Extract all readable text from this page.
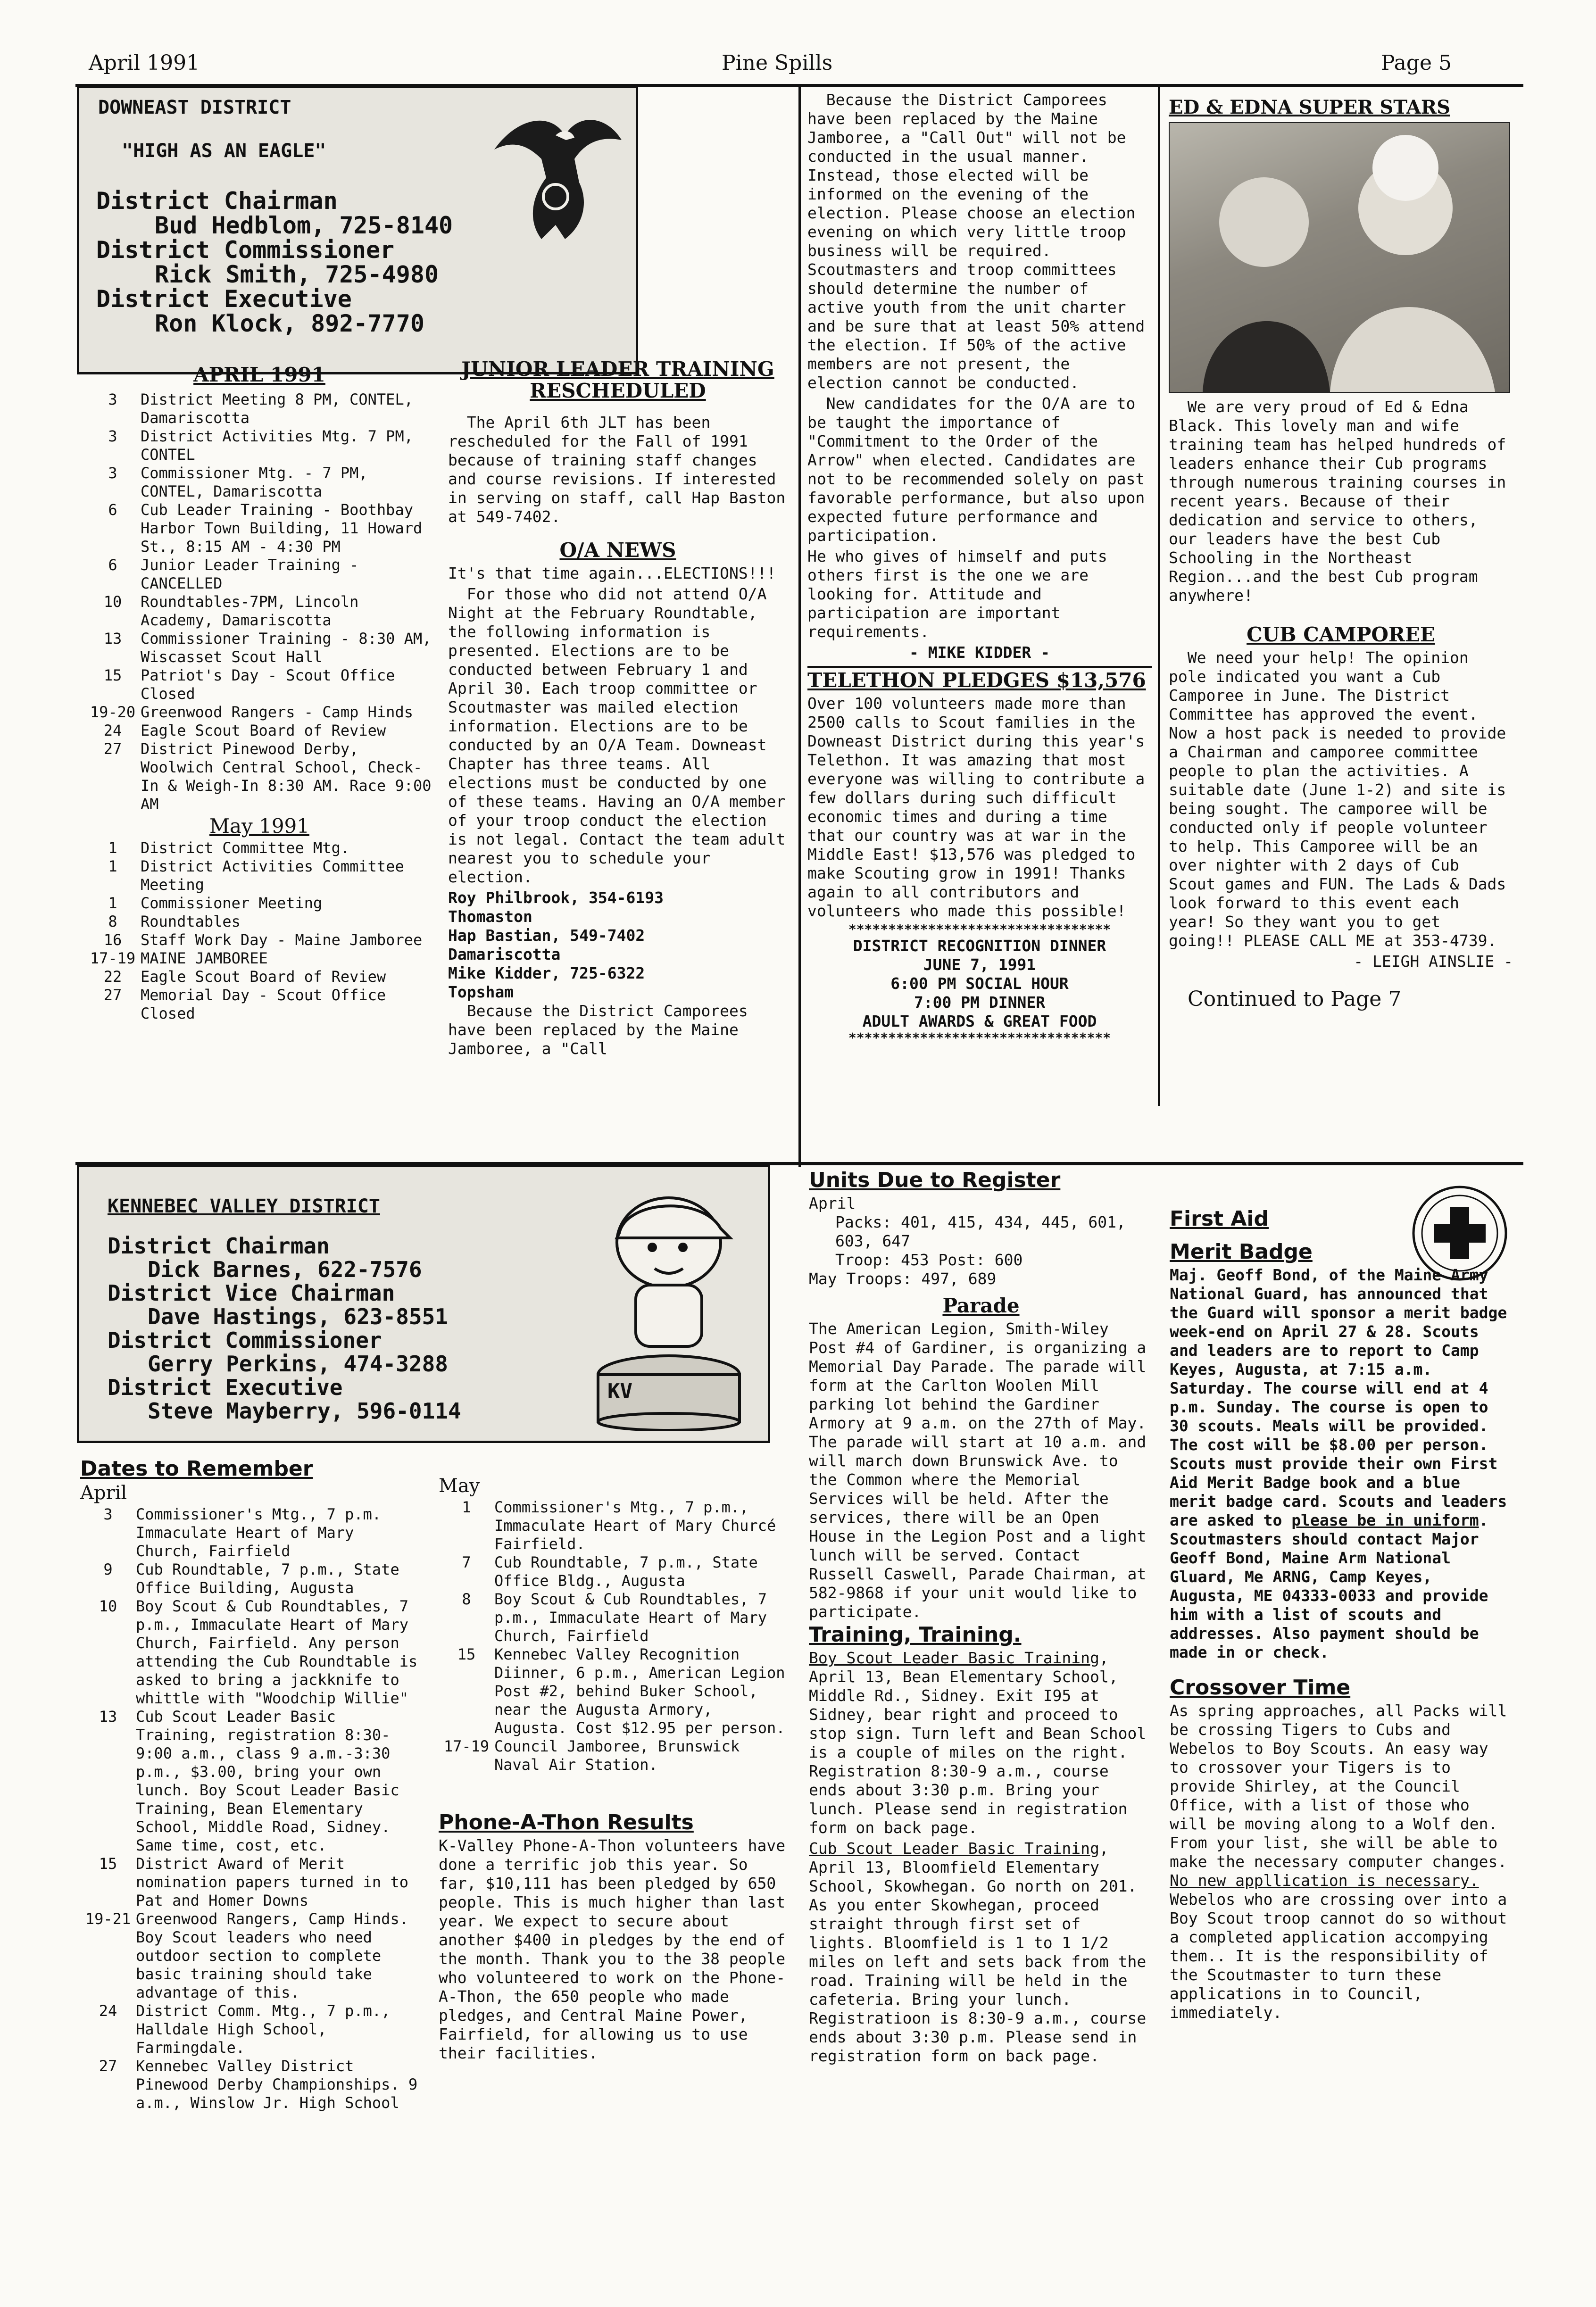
April 1991	Pine Spills	Page 5
DOWNEAST DISTRICT
"HIGH AS AN EAGLE"
District Chairman
Bud Hedblom, 725-8140
District Commissioner
Rick Smith, 725-4980
District Executive
Ron Klock, 892-7770
APRIL 1991
3	District Meeting 8 PM, CONTEL, Damariscotta
3	District Activities Mtg. 7 PM, CONTEL
3	Commissioner Mtg. - 7 PM, CONTEL, Damariscotta
6	Cub Leader Training - Boothbay Harbor Town Building, 11 Howard St., 8:15 AM - 4:30 PM
6	Junior Leader Training - CANCELLED
10	Roundtables-7PM, Lincoln Academy, Damariscotta
13	Commissioner Training - 8:30 AM, Wiscasset Scout Hall
15	Patriot's Day - Scout Office Closed
19-20 Greenwood Rangers - Camp Hinds
24	Eagle Scout Board of Review
27	District Pinewood Derby, Woolwich Central School, Check-In & Weigh-In 8:30 AM. Race 9:00 AM
May 1991
1	District Committee Mtg.
1	District Activities Committee Meeting
1	Commissioner Meeting
8	Roundtables
16	Staff Work Day - Maine Jamboree
17-19 MAINE JAMBOREE
22	Eagle Scout Board of Review
27	Memorial Day - Scout Office Closed
JUNIOR LEADER TRAINING RESCHEDULED

The April 6th JLT has been rescheduled for the Fall of 1991 because of training staff changes and course revisions. If interested in serving on staff, call Hap Baston at 549-7402.

O/A NEWS

It's that time again...ELECTIONS!!!

For those who did not attend O/A Night at the February Roundtable, the following information is presented. Elections are to be conducted between February 1 and April 30. Each troop committee or Scoutmaster was mailed election information. Elections are to be conducted by an O/A Team. Downeast Chapter has three teams. All elections must be conducted by one of these teams. Having an O/A member of your troop conduct the election is not legal. Contact the team adult nearest you to schedule your election.

Roy Philbrook, 354-6193
Thomaston
Hap Bastian, 549-7402
Damariscotta
Mike Kidder, 725-6322
Topsham

Because the District Camporees have been replaced by the Maine Jamboree, a "Call

Because the District Camporees have been replaced by the Maine Jamboree, a "Call Out" will not be conducted in the usual manner. Instead, those elected will be informed on the evening of the election. Please choose an election evening on which very little troop business will be required. Scoutmasters and troop committees should determine the number of active youth from the unit charter and be sure that at least 50% attend the election. If 50% of the active members are not present, the election cannot be conducted.

New candidates for the O/A are to be taught the importance of "Commitment to the Order of the Arrow" when elected. Candidates are not to be recommended solely on past favorable performance, but also upon expected future performance and participation.

He who gives of himself and puts others first is the one we are looking for. Attitude and participation are important requirements.

- MIKE KIDDER -

TELETHON PLEDGES $13,576

Over 100 volunteers made more than 2500 calls to Scout families in the Downeast District during this year's Telethon. It was amazing that most everyone was willing to contribute a few dollars during such difficult economic times and during a time that our country was at war in the Middle East! $13,576 was pledged to make Scouting grow in 1991! Thanks again to all contributors and volunteers who made this possible!

*********************************
DISTRICT RECOGNITION DINNER
JUNE 7, 1991
6:00 PM SOCIAL HOUR
7:00 PM DINNER
ADULT AWARDS & GREAT FOOD
*********************************
ED & EDNA SUPER STARS

We are very proud of Ed & Edna Black. This lovely man and wife training team has helped hundreds of leaders enhance their Cub programs through numerous training courses in recent years. Because of their dedication and service to others, our leaders have the best Cub Schooling in the Northeast Region...and the best Cub program anywhere!

CUB CAMPOREE

We need your help! The opinion pole indicated you want a Cub Camporee in June. The District Committee has approved the event. Now a host pack is needed to provide a Chairman and camporee committee people to plan the activities. A suitable date (June 1-2) and site is being sought. The camporee will be conducted only if people volunteer to help. This Camporee will be an over nighter with 2 days of Cub Scout games and FUN. The Lads & Dads look forward to this event each year! So they want you to get going!! PLEASE CALL ME at 353-4739.

- LEIGH AINSLIE -

Continued to Page 7
KENNEBEC VALLEY DISTRICT
District Chairman
Dick Barnes, 622-7576
District Vice Chairman
Dave Hastings, 623-8551
District Commissioner
Gerry Perkins, 474-3288
District Executive
Steve Mayberry, 596-0114
KV
Dates to Remember
April
3	Commissioner's Mtg., 7 p.m. Immaculate Heart of Mary Church, Fairfield
9	Cub Roundtable, 7 p.m., State Office Building, Augusta
10	Boy Scout & Cub Roundtables, 7 p.m., Immaculate Heart of Mary Church, Fairfield. Any person attending the Cub Roundtable is asked to bring a jackknife to whittle with "Woodchip Willie"
13	Cub Scout Leader Basic Training, registration 8:30-9:00 a.m., class 9 a.m.-3:30 p.m., $3.00, bring your own lunch. Boy Scout Leader Basic Training, Bean Elementary School, Middle Road, Sidney. Same time, cost, etc.
15	District Award of Merit nomination papers turned in to Pat and Homer Downs
19-21 Greenwood Rangers, Camp Hinds. Boy Scout leaders who need outdoor section to complete basic training should take advantage of this.
24	District Comm. Mtg., 7 p.m., Halldale High School, Farmingdale.
27	Kennebec Valley District Pinewood Derby Championships. 9 a.m., Winslow Jr. High School
May
1	Commissioner's Mtg., 7 p.m., Immaculate Heart of Mary Churcé Fairfield.
7	Cub Roundtable, 7 p.m., State Office Bldg., Augusta
8	Boy Scout & Cub Roundtables, 7 p.m., Immaculate Heart of Mary Church, Fairfield
15	Kennebec Valley Recognition Diinner, 6 p.m., American Legion Post #2, behind Buker School, near the Augusta Armory, Augusta. Cost $12.95 per person.
17-19 Council Jamboree, Brunswick Naval Air Station.
Phone-A-Thon Results

K-Valley Phone-A-Thon volunteers have done a terrific job this year. So far, $10,111 has been pledged by 650 people. This is much higher than last year. We expect to secure about another $400 in pledges by the end of the month. Thank you to the 38 people who volunteered to work on the Phone-A-Thon, the 650 people who made pledges, and Central Maine Power, Fairfield, for allowing us to use their facilities.

Units Due to Register
April
Packs: 401, 415, 434, 445, 601, 603, 647
Troop: 453 Post: 600
May Troops: 497, 689
Parade

The American Legion, Smith-Wiley Post #4 of Gardiner, is organizing a Memorial Day Parade. The parade will form at the Carlton Woolen Mill parking lot behind the Gardiner Armory at 9 a.m. on the 27th of May. The parade will start at 10 a.m. and will march down Brunswick Ave. to the Common where the Memorial Services will be held. After the services, there will be an Open House in the Legion Post and a light lunch will be served. Contact Russell Caswell, Parade Chairman, at 582-9868 if your unit would like to participate.

Training, Training.

Boy Scout Leader Basic Training, April 13, Bean Elementary School, Middle Rd., Sidney. Exit I95 at Sidney, bear right and proceed to stop sign. Turn left and Bean School is a couple of miles on the right. Registration 8:30-9 a.m., course ends about 3:30 p.m. Bring your lunch. Please send in registration form on back page.

Cub Scout Leader Basic Training, April 13, Bloomfield Elementary School, Skowhegan. Go north on 201. As you enter Skowhegan, proceed straight through first set of lights. Bloomfield is 1 to 1 1/2 miles on left and sets back from the road. Training will be held in the cafeteria. Bring your lunch. Registratioon is 8:30-9 a.m., course ends about 3:30 p.m. Please send in registration form on back page.

First Aid
Merit Badge

Maj. Geoff Bond, of the Maine Army National Guard, has announced that the Guard will sponsor a merit badge week-end on April 27 & 28. Scouts and leaders are to report to Camp Keyes, Augusta, at 7:15 a.m. Saturday. The course will end at 4 p.m. Sunday. The course is open to 30 scouts. Meals will be provided. The cost will be $8.00 per person. Scouts must provide their own First Aid Merit Badge book and a blue merit badge card. Scouts and leaders are asked to please be in uniform. Scoutmasters should contact Major Geoff Bond, Maine Arm National Gluard, Me ARNG, Camp Keyes, Augusta, ME 04333-0033 and provide him with a list of scouts and addresses. Also payment should be made in or check.

Crossover Time

As spring approaches, all Packs will be crossing Tigers to Cubs and Webelos to Boy Scouts. An easy way to crossover your Tigers is to provide Shirley, at the Council Office, with a list of those who will be moving along to a Wolf den. From your list, she will be able to make the necessary computer changes. No new appllication is necessary. Webelos who are crossing over into a Boy Scout troop cannot do so without a completed application accompying them.. It is the responsibility of the Scoutmaster to turn these applications in to Council, immediately.
